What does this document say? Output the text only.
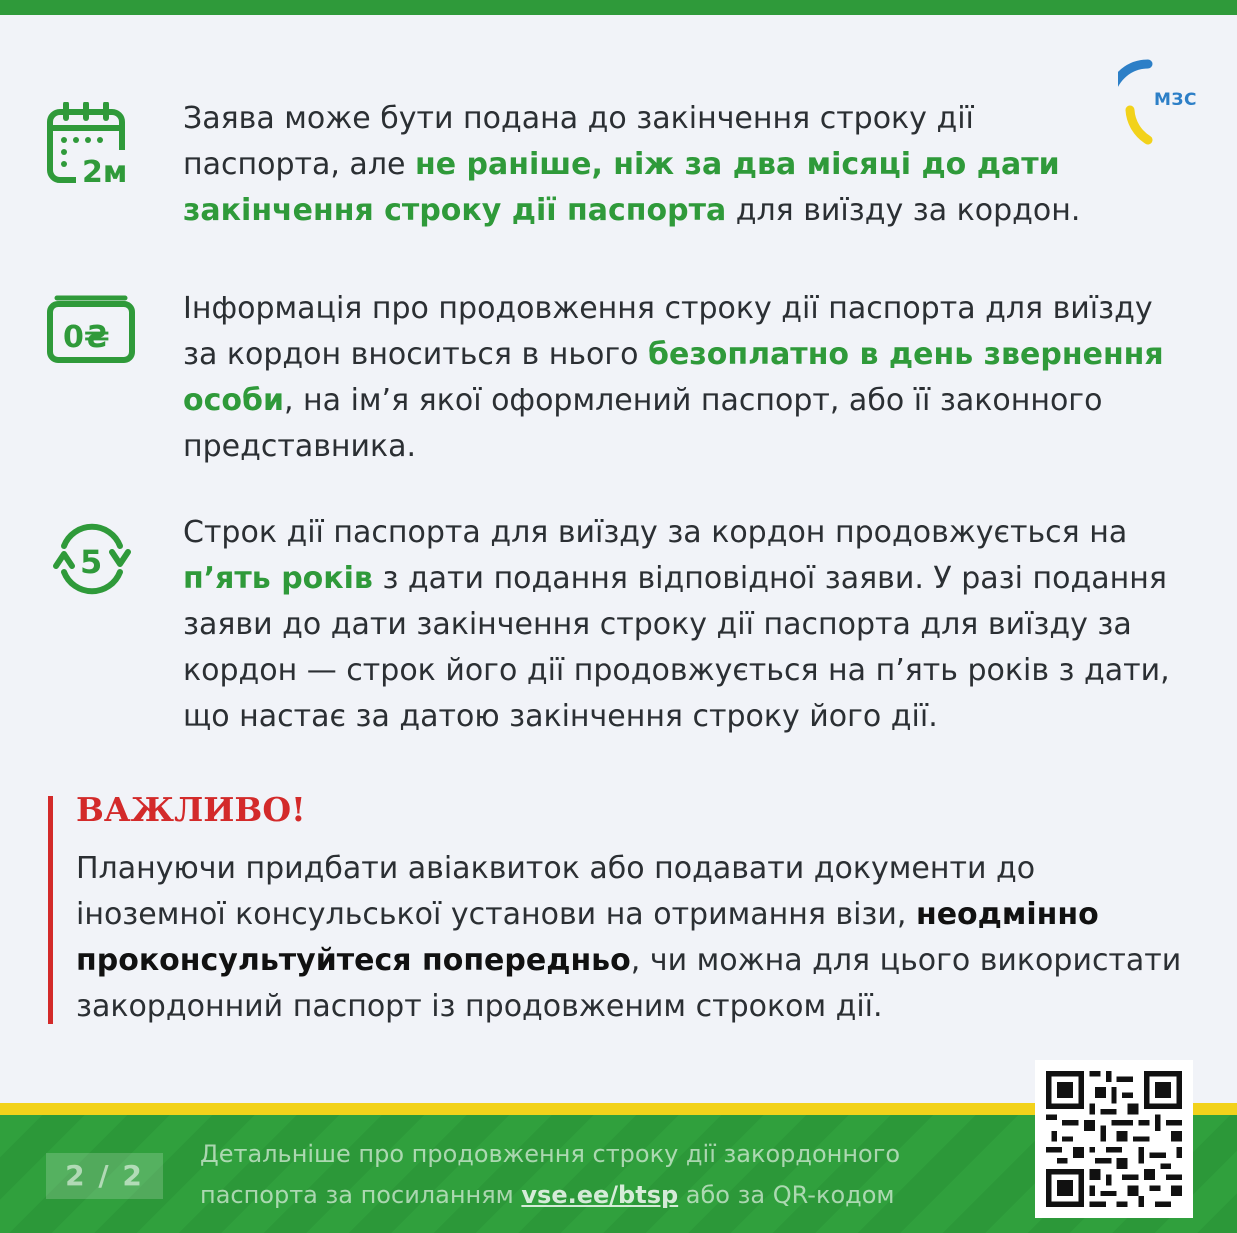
МЗС
2м
Заява може бути подана до закінчення строку дії
паспорта, але не раніше, ніж за два місяці до дати
закінчення строку дії паспорта для виїзду за кордон.
0₴
Інформація про продовження строку дії паспорта для виїзду
за кордон вноситься в нього безоплатно в день звернення
особи, на ім’я якої оформлений паспорт, або її законного
представника.
5
Строк дії паспорта для виїзду за кордон продовжується на
п’ять років з дати подання відповідної заяви. У разі подання
заяви до дати закінчення строку дії паспорта для виїзду за
кордон — строк його дії продовжується на п’ять років з дати,
що настає за датою закінчення строку його дії.
ВАЖЛИВО!
Плануючи придбати авіаквиток або подавати документи до
іноземної консульської установи на отримання візи, неодмінно
проконсультуйтеся попередньо, чи можна для цього використати
закордонний паспорт із продовженим строком дії.
2 / 2
Детальніше про продовження строку дії закордонного
паспорта за посиланням vse.ee/btsp або за QR-кодом
